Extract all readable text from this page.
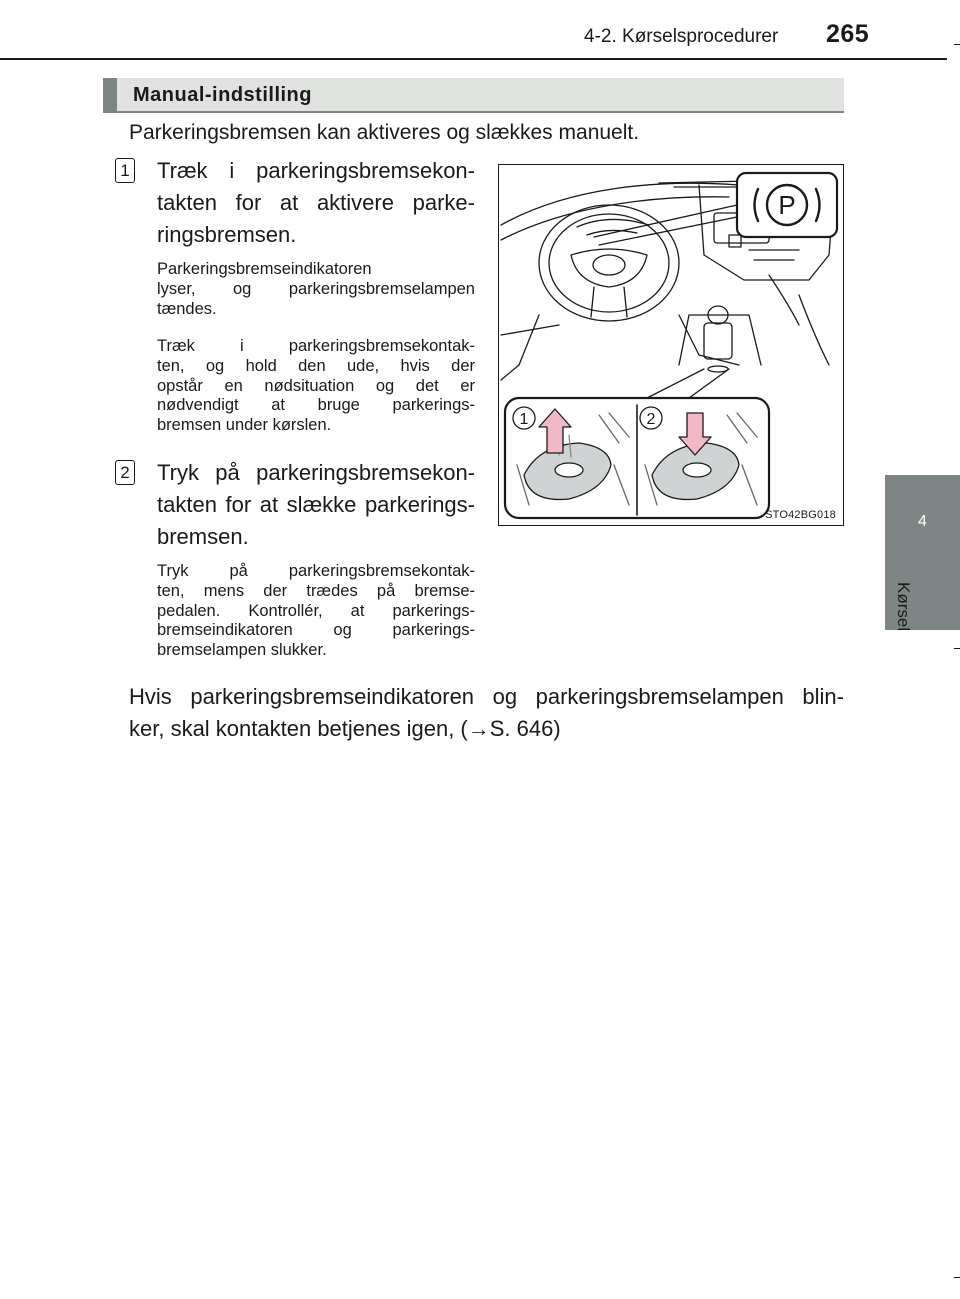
4-2. Kørselsprocedurer 265
4
Kørsel
Manual-indstilling
Parkeringsbremsen kan aktiveres og slækkes manuelt.
1 Træk i parkeringsbremsekon-
takten for at aktivere parke-
ringsbremsen.
Parkeringsbremseindikatoren
lyser, og parkeringsbremselampen
tændes.
Træk i parkeringsbremsekontak-
ten, og hold den ude, hvis der
opstår en nødsituation og det er
nødvendigt at bruge parkerings-
bremsen under kørslen.
2 Tryk på parkeringsbremsekon-
takten for at slække parkerings-
bremsen.
Tryk på parkeringsbremsekontak-
ten, mens der trædes på bremse-
pedalen. Kontrollér, at parkerings-
bremseindikatoren og parkerings-
bremselampen slukker.
P
1	2
STO42BG018
Hvis parkeringsbremseindikatoren og parkeringsbremselampen blin-
ker, skal kontakten betjenes igen, (→S. 646)
